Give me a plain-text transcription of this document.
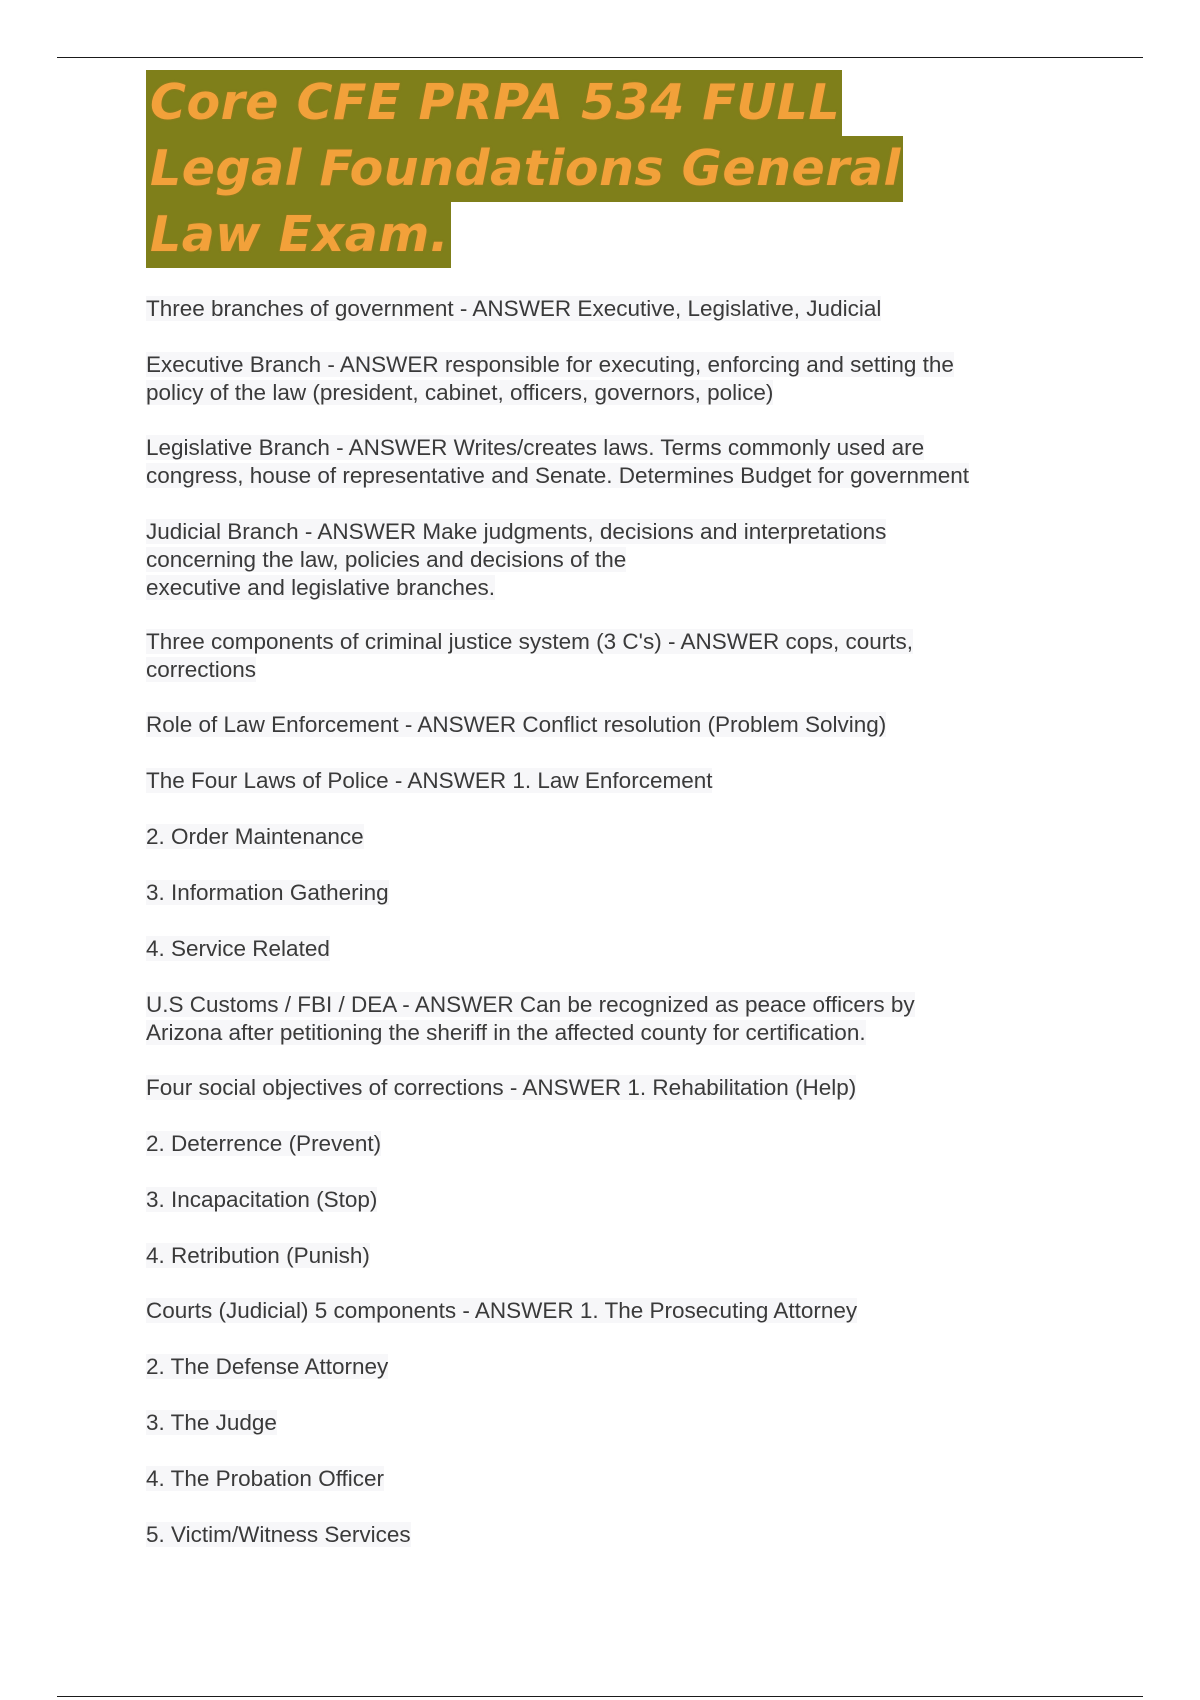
Core CFE PRPA 534 FULL
Legal Foundations General
Law Exam.

Three branches of government - ANSWER Executive, Legislative, Judicial

Executive Branch - ANSWER responsible for executing, enforcing and setting the
policy of the law (president, cabinet, officers, governors, police)

Legislative Branch - ANSWER Writes/creates laws. Terms commonly used are
congress, house of representative and Senate. Determines Budget for government

Judicial Branch - ANSWER Make judgments, decisions and interpretations
concerning the law, policies and decisions of the
executive and legislative branches.

Three components of criminal justice system (3 C's) - ANSWER cops, courts,
corrections

Role of Law Enforcement - ANSWER Conflict resolution (Problem Solving)

The Four Laws of Police - ANSWER 1. Law Enforcement

2. Order Maintenance

3. Information Gathering

4. Service Related

U.S Customs / FBI / DEA - ANSWER Can be recognized as peace officers by
Arizona after petitioning the sheriff in the affected county for certification.

Four social objectives of corrections - ANSWER 1. Rehabilitation (Help)

2. Deterrence (Prevent)

3. Incapacitation (Stop)

4. Retribution (Punish)

Courts (Judicial) 5 components - ANSWER 1. The Prosecuting Attorney

2. The Defense Attorney

3. The Judge

4. The Probation Officer

5. Victim/Witness Services
